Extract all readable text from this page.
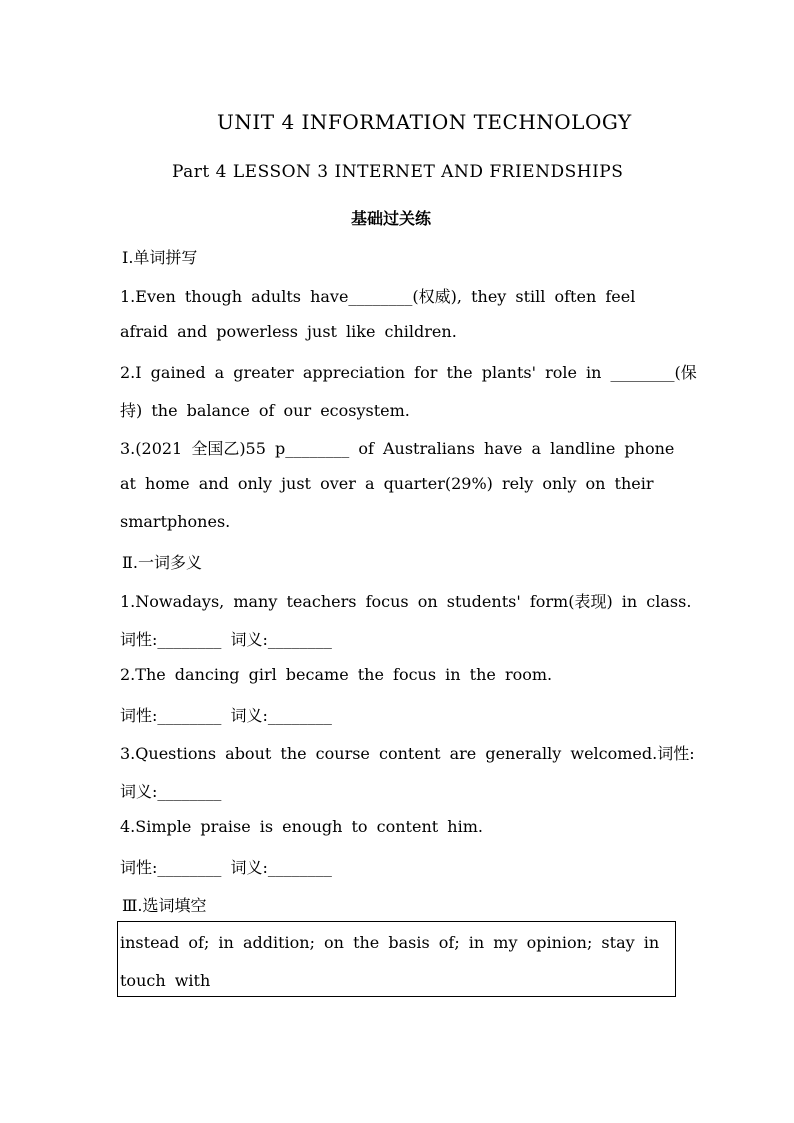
UNIT 4 INFORMATION TECHNOLOGY
Part 4 LESSON 3 INTERNET AND FRIENDSHIPS
基础过关练
Ⅰ.单词拼写
1.Even though adults have________(权威), they still often feel
afraid and powerless just like children.
2.I gained a greater appreciation for the plants' role in ________(保
持) the balance of our ecosystem.
3.(2021 全国乙)55 p________ of Australians have a landline phone
at home and only just over a quarter(29%) rely only on their
smartphones.
Ⅱ.一词多义
1.Nowadays, many teachers focus on students' form(表现) in class.
词性:________ 词义:________
2.The dancing girl became the focus in the room.
词性:________ 词义:________
3.Questions about the course content are generally welcomed.词性:
词义:________
4.Simple praise is enough to content him.
词性:________ 词义:________
Ⅲ.选词填空
instead of; in addition; on the basis of; in my opinion; stay in
touch with
